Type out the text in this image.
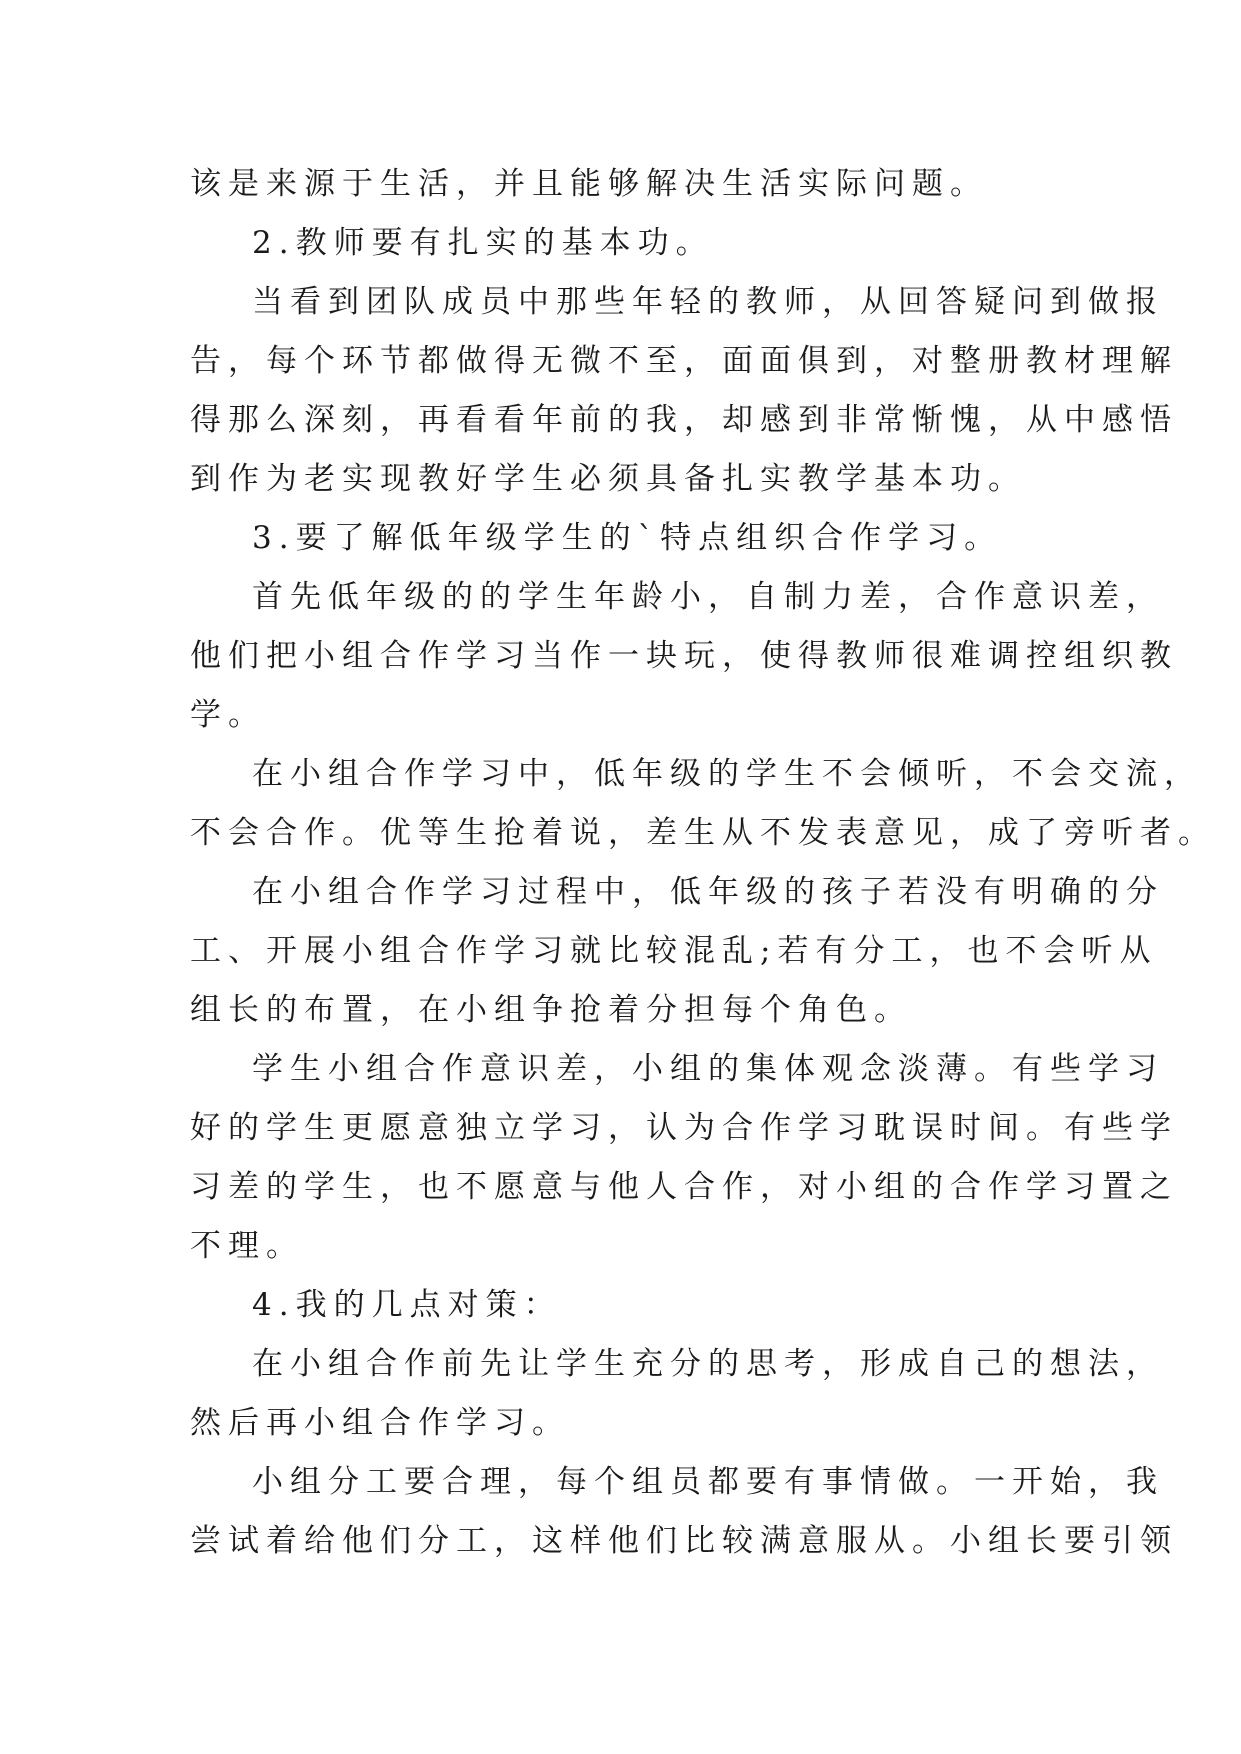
该是来源于生活，并且能够解决生活实际问题。
2.教师要有扎实的基本功。
当看到团队成员中那些年轻的教师，从回答疑问到做报
告，每个环节都做得无微不至，面面俱到，对整册教材理解
得那么深刻，再看看年前的我，却感到非常惭愧，从中感悟
到作为老实现教好学生必须具备扎实教学基本功。
3.要了解低年级学生的`特点组织合作学习。
首先低年级的的学生年龄小，自制力差，合作意识差，
他们把小组合作学习当作一块玩，使得教师很难调控组织教
学。
在小组合作学习中，低年级的学生不会倾听，不会交流，
不会合作。优等生抢着说，差生从不发表意见，成了旁听者。
在小组合作学习过程中，低年级的孩子若没有明确的分
工、开展小组合作学习就比较混乱;若有分工，也不会听从
组长的布置，在小组争抢着分担每个角色。
学生小组合作意识差，小组的集体观念淡薄。有些学习
好的学生更愿意独立学习，认为合作学习耽误时间。有些学
习差的学生，也不愿意与他人合作，对小组的合作学习置之
不理。
4.我的几点对策：
在小组合作前先让学生充分的思考，形成自己的想法，
然后再小组合作学习。
小组分工要合理，每个组员都要有事情做。一开始，我
尝试着给他们分工，这样他们比较满意服从。小组长要引领
